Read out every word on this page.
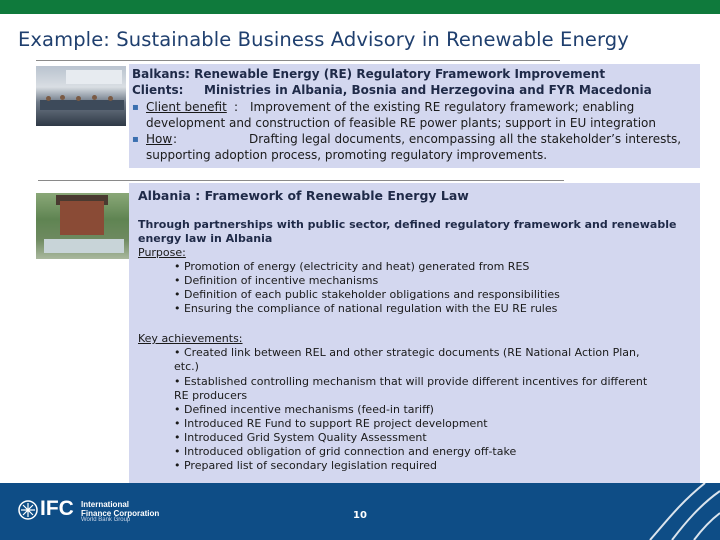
Example: Sustainable Business Advisory in Renewable Energy
Balkans: Renewable Energy (RE) Regulatory Framework Improvement
Clients: Ministries in Albania, Bosnia and Herzegovina and FYR Macedonia
▪ Client benefit : Improvement of the existing RE regulatory framework; enabling
development and construction of feasible RE power plants; support in EU integration
▪ How :	Drafting legal documents, encompassing all the stakeholder’s interests,
supporting adoption process, promoting regulatory improvements.
Albania : Framework of Renewable Energy Law
Through partnerships with public sector, defined regulatory framework and renewable
energy law in Albania
Purpose:
• Promotion of energy (electricity and heat) generated from RES
• Definition of incentive mechanisms
• Definition of each public stakeholder obligations and responsibilities
• Ensuring the compliance of national regulation with the EU RE rules
Key achievements:
• Created link between REL and other strategic documents (RE National Action Plan,
etc.)
• Established controlling mechanism that will provide different incentives for different
RE producers
• Defined incentive mechanisms (feed-in tariff)
• Introduced RE Fund to support RE project development
• Introduced Grid System Quality Assessment
• Introduced obligation of grid connection and energy off-take
• Prepared list of secondary legislation required
IFC International
Finance Corporation
World Bank Group	10
